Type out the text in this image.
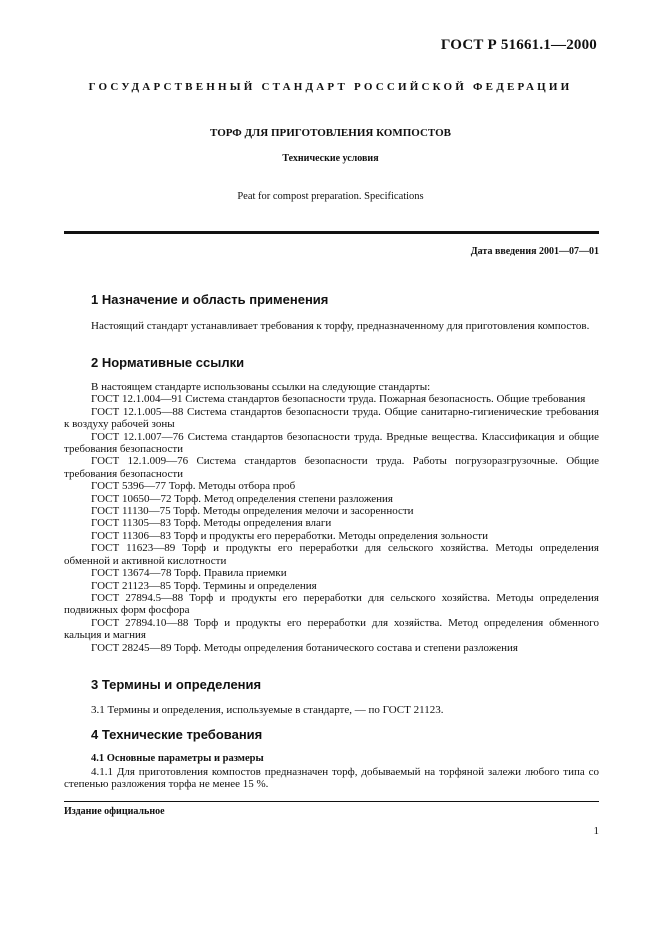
ГОСТ Р 51661.1—2000
ГОСУДАРСТВЕННЫЙ СТАНДАРТ РОССИЙСКОЙ ФЕДЕРАЦИИ
ТОРФ ДЛЯ ПРИГОТОВЛЕНИЯ КОМПОСТОВ
Технические условия
Peat for compost preparation. Specifications
Дата введения 2001—07—01
1 Назначение и область применения

Настоящий стандарт устанавливает требования к торфу, предназначенному для приготовления компостов.

2 Нормативные ссылки

В настоящем стандарте использованы ссылки на следующие стандарты:

ГОСТ 12.1.004—91 Система стандартов безопасности труда. Пожарная безопасность. Общие требования

ГОСТ 12.1.005—88 Система стандартов безопасности труда. Общие санитарно-гигиенические требования к воздуху рабочей зоны

ГОСТ 12.1.007—76 Система стандартов безопасности труда. Вредные вещества. Классификация и общие требования безопасности

ГОСТ 12.1.009—76 Система стандартов безопасности труда. Работы погрузоразгрузочные. Общие требования безопасности

ГОСТ 5396—77 Торф. Методы отбора проб

ГОСТ 10650—72 Торф. Метод определения степени разложения

ГОСТ 11130—75 Торф. Методы определения мелочи и засоренности

ГОСТ 11305—83 Торф. Методы определения влаги

ГОСТ 11306—83 Торф и продукты его переработки. Методы определения зольности

ГОСТ 11623—89 Торф и продукты его переработки для сельского хозяйства. Методы определения обменной и активной кислотности

ГОСТ 13674—78 Торф. Правила приемки

ГОСТ 21123—85 Торф. Термины и определения

ГОСТ 27894.5—88 Торф и продукты его переработки для сельского хозяйства. Методы определения подвижных форм фосфора

ГОСТ 27894.10—88 Торф и продукты его переработки для хозяйства. Метод определения обменного кальция и магния

ГОСТ 28245—89 Торф. Методы определения ботанического состава и степени разложения

3 Термины и определения

3.1 Термины и определения, используемые в стандарте, — по ГОСТ 21123.

4 Технические требования
4.1 Основные параметры и размеры

4.1.1 Для приготовления компостов предназначен торф, добываемый на торфяной залежи любого типа со степенью разложения торфа не менее 15 %.

Издание официальное
1
